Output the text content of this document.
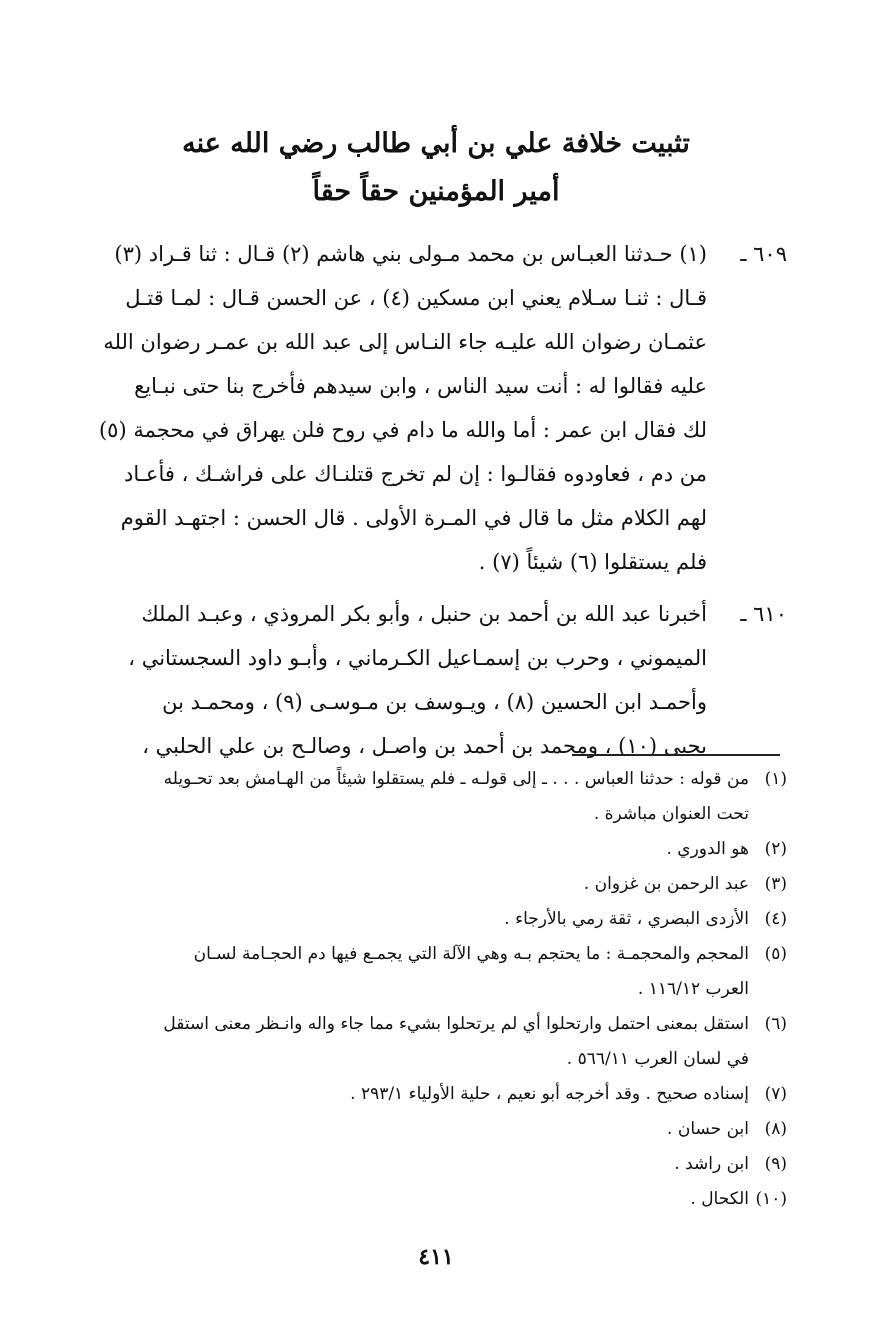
تثبيت خلافة علي بن أبي طالب رضي الله عنه
أمير المؤمنين حقاً حقاً
٦٠٩ ـ
(١) حـدثنا العبـاس بن محمد مـولى بني هاشم (٢) قـال : ثنا قـراد (٣)
قـال : ثنـا سـلام يعني ابن مسكين (٤) ، عن الحسن قـال : لمـا قتـل
عثمـان رضوان الله عليـه جاء النـاس إلى عبد الله بن عمـر رضوان الله
عليه فقالوا له : أنت سيد الناس ، وابن سيدهم فأخرج بنا حتى نبـايع
لك فقال ابن عمر : أما والله ما دام في روح فلن يهراق في محجمة (٥)
من دم ، فعاودوه فقالـوا : إن لم تخرج قتلنـاك على فراشـك ، فأعـاد
لهم الكلام مثل ما قال في المـرة الأولى . قال الحسن : اجتهـد القوم
فلم يستقلوا (٦) شيئاً (٧) .
٦١٠ ـ
أخبرنا عبد الله بن أحمد بن حنبل ، وأبو بكر المروذي ، وعبـد الملك
الميموني ، وحرب بن إسمـاعيل الكـرماني ، وأبـو داود السجستاني ،
وأحمـد ابن الحسين (٨) ، ويـوسف بن مـوسـى (٩) ، ومحمـد بن
يحيى (١٠) ، ومحمد بن أحمد بن واصـل ، وصالـح بن علي الحلبي ،
(١)
من قوله : حدثنا العباس . . . ـ إلى قولـه ـ فلم يستقلوا شيئاً من الهـامش بعد تحـويله
تحت العنوان مباشرة .
(٢)
هو الدوري .
(٣)
عبد الرحمن بن غزوان .
(٤)
الأزدى البصري ، ثقة رمي بالأرجاء .
(٥)
المحجم والمحجمـة : ما يحتجم بـه وهي الآلة التي يجمـع فيها دم الحجـامة لسـان
العرب ١١٦/١٢ .
(٦)
استقل بمعنى احتمل وارتحلوا أي لم يرتحلوا بشيء مما جاء واله وانـظر معنى استقل
في لسان العرب ٥٦٦/١١ .
(٧)
إسناده صحيح . وقد أخرجه أبو نعيم ، حلية الأولياء ٢٩٣/١ .
(٨)
ابن حسان .
(٩)
ابن راشد .
(١٠)
الكحال .
٤١١
